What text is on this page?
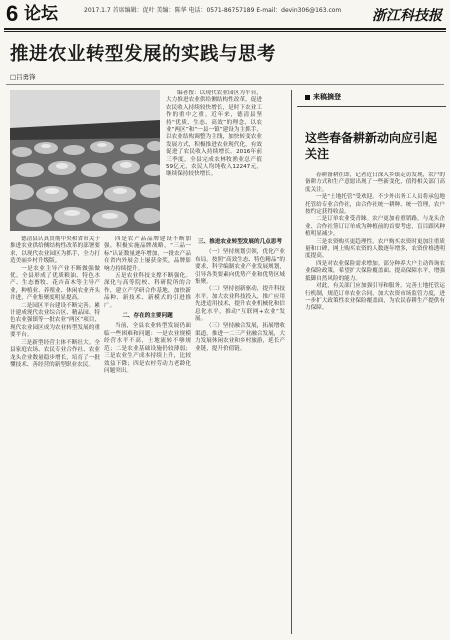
6 论坛	2017.1.7 首席编辑：促叶 美编：陈华 电话：0571-86757189 E-mail：devin306@163.com 浙江科技报
推进农业转型发展的实践与思考
□吕勇锋

编者按：以现代农业园区为平台，大力推进农业供给侧结构性改革，促进农民收入持续较快增长，是时下农业工作的重中之重。近年来，德清县坚持“优质、生态、高效”的理念，以农业“两区”和“一县一镇”建设为主抓手，以农业结构调整为主线，加快转变农业发展方式，积极推进农业现代化，有效促进了农民收入持续增长。2016年前三季度，全县完成农林牧渔业总产值59亿元，农民人均纯收入12247元，继续保持较快增长。

德清县认真贯彻中央和省市关于推进农业供给侧结构性改革的部署要求，以现代农业园区为抓手，全力打造美丽乡村升级版。

一是农业主导产业不断做强做优。全县形成了优质粮油、特色水产、生态畜牧、花卉苗木等主导产业，种植业、养殖业、休闲农业齐头并进，产业集聚度明显提高。

二是园区平台建设不断完善。累计建成现代农业综合区、精品园、特色农业强镇等一批农业“两区”项目，现代农业园区成为农业转型发展的重要平台。

三是新型经营主体不断壮大。全县家庭农场、农民专业合作社、农业龙头企业数量稳步增长，培育了一批懂技术、善经营的新型职业农民。

四是农产品品牌建设不断加强。积极实施品牌战略，“三品一标”认证数量逐年增加，一批农产品在省内外展会上屡获金奖，品牌影响力持续提升。

五是农业科技支撑不断强化。深化与高等院校、科研院所的合作，建立产学研合作基地，加快新品种、新技术、新模式的引进推广。

二、存在的主要问题

当前，全县农业转型发展仍面临一些困难和问题：一是农业规模经营水平不高，土地流转不够规范；二是农业基础设施仍较薄弱；三是农业生产成本持续上升，比较效益下降；四是农村劳动力老龄化问题突出。

三、推进农业转型发展的几点思考

（一）坚持规划引领，优化产业布局。按照“高效生态、特色精品”的要求，科学编制农业产业发展规划，引导各类要素向优势产业和优势区域集聚。

（二）坚持创新驱动，提升科技水平。加大农业科技投入，推广应用先进适用技术，提升农业机械化和信息化水平，推动“互联网+农业”发展。

（三）坚持融合发展，拓展增收渠道。推进一二三产业融合发展，大力发展休闲农业和乡村旅游，延长产业链，提升价值链。

来稿摘登
这些春备耕新动向应引起关注

春耕备耕在即，记者近日深入乡镇走访发现，农户的备耕方式和生产意愿出现了一些新变化，值得相关部门高度关注。

一是“土地托管”受欢迎。不少外出务工人员将承包地托管给专业合作社，由合作社统一耕种、统一管理，农户按约定获得收益。

二是订单农业受青睐。农户更加看重销路，与龙头企业、合作社签订订单成为种植前的首要考虑，盲目跟风种植明显减少。

三是农资购买更趋理性。农户购买农资时更加注重质量和口碑，网上购买农资的人数逐年增多，农资价格透明度提高。

四是对农业保险需求增加。部分种养大户主动咨询农业保险政策，希望扩大保险覆盖面、提高保障水平，增强抵御自然风险的能力。

对此，有关部门应加强引导和服务，完善土地托管运行机制，规范订单农业合同，加大农资市场监管力度，进一步扩大政策性农业保险覆盖面，为农民春耕生产提供有力保障。
